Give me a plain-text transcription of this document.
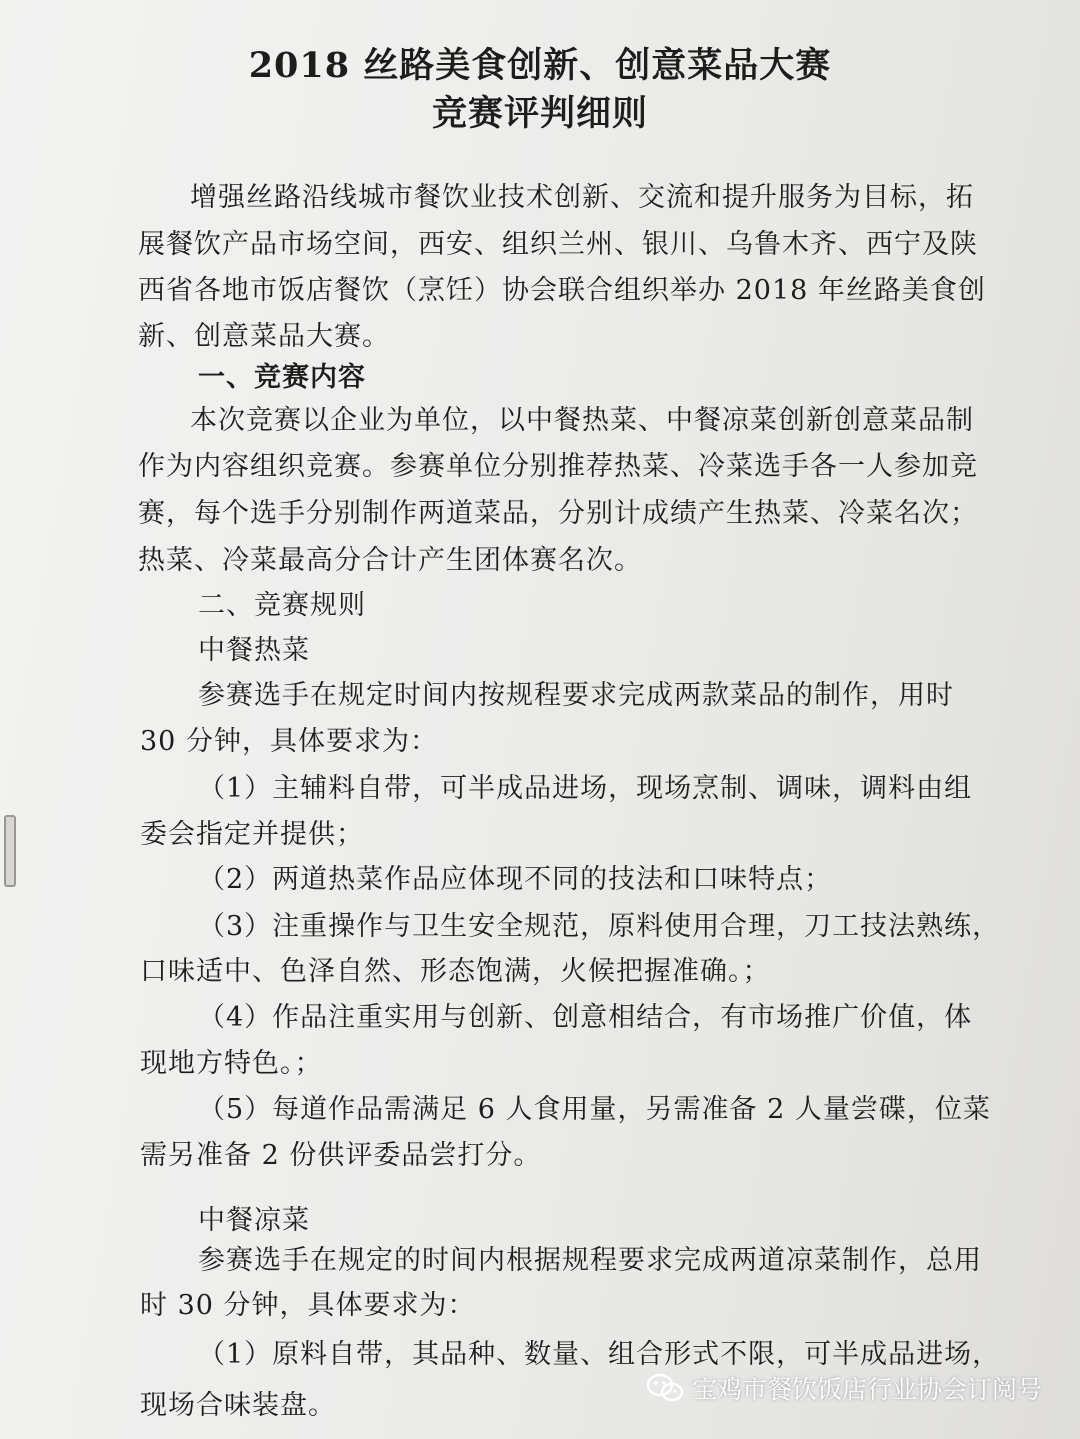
2018 丝路美食创新、创意菜品大赛
竞赛评判细则

增强丝路沿线城市餐饮业技术创新、交流和提升服务为目标，拓

展餐饮产品市场空间，西安、组织兰州、银川、乌鲁木齐、西宁及陕

西省各地市饭店餐饮（烹饪）协会联合组织举办 2018 年丝路美食创

新、创意菜品大赛。

一、竞赛内容

本次竞赛以企业为单位，以中餐热菜、中餐凉菜创新创意菜品制

作为内容组织竞赛。参赛单位分别推荐热菜、冷菜选手各一人参加竞

赛，每个选手分别制作两道菜品，分别计成绩产生热菜、冷菜名次；

热菜、冷菜最高分合计产生团体赛名次。

二、竞赛规则

中餐热菜

参赛选手在规定时间内按规程要求完成两款菜品的制作，用时

30 分钟，具体要求为：

（1）主辅料自带，可半成品进场，现场烹制、调味，调料由组

委会指定并提供；

（2）两道热菜作品应体现不同的技法和口味特点；

（3）注重操作与卫生安全规范，原料使用合理，刀工技法熟练，

口味适中、色泽自然、形态饱满，火候把握准确。；

（4）作品注重实用与创新、创意相结合，有市场推广价值，体

现地方特色。；

（5）每道作品需满足 6 人食用量，另需准备 2 人量尝碟，位菜

需另准备 2 份供评委品尝打分。

中餐凉菜

参赛选手在规定的时间内根据规程要求完成两道凉菜制作，总用

时 30 分钟，具体要求为：

（1）原料自带，其品种、数量、组合形式不限，可半成品进场，

现场合味装盘。

宝鸡市餐饮饭店行业协会订阅号
